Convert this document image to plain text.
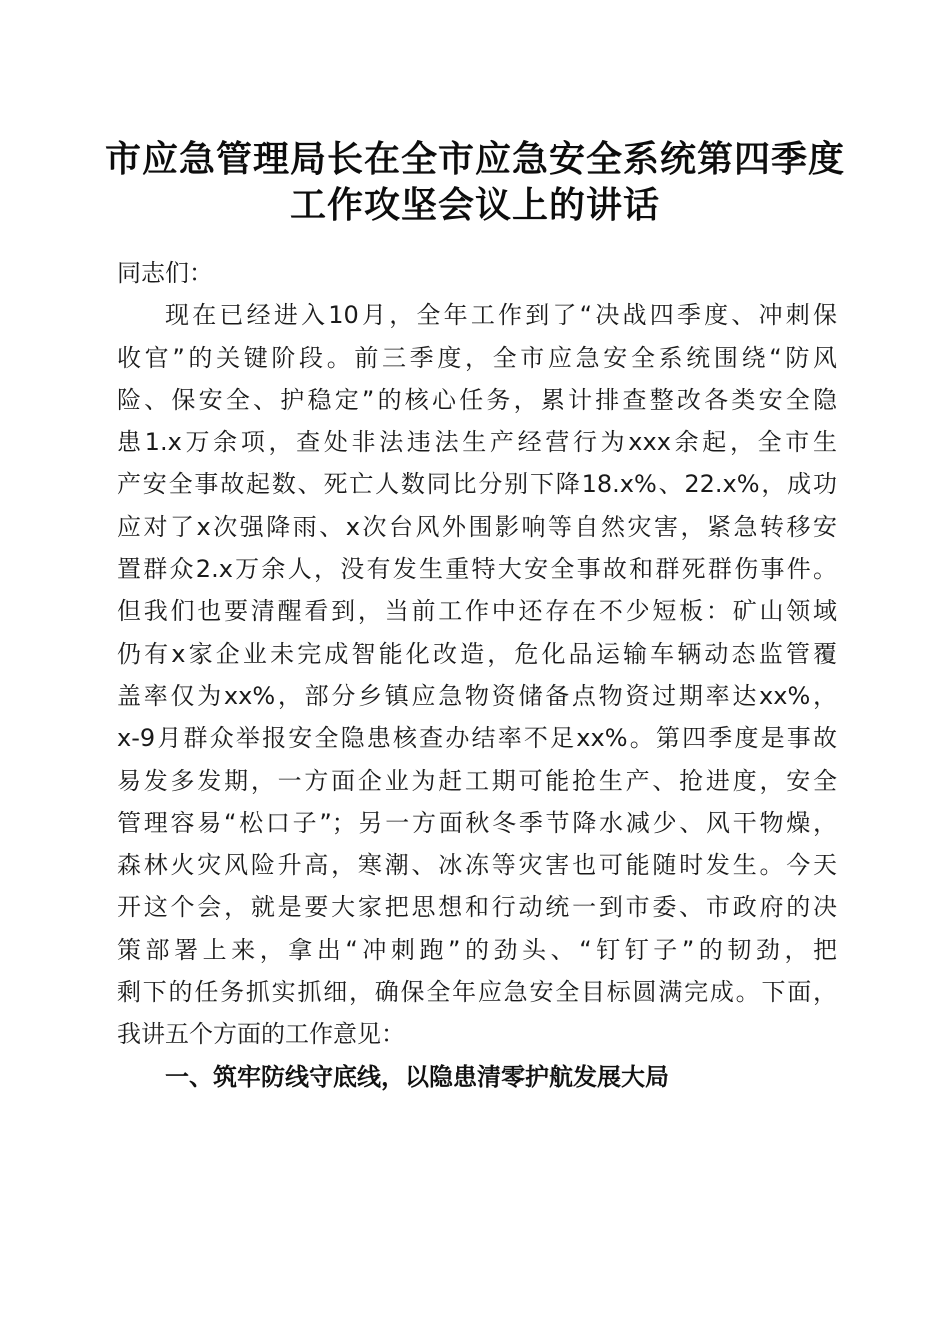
市应急管理局长在全市应急安全系统第四季度
工作攻坚会议上的讲话

同志们：

现在已经进入10月，全年工作到了“决战四季度、冲刺保
收官”的关键阶段。前三季度，全市应急安全系统围绕“防风
险、保安全、护稳定”的核心任务，累计排查整改各类安全隐
患1.x万余项，查处非法违法生产经营行为xxx余起，全市生
产安全事故起数、死亡人数同比分别下降18.x%、22.x%，成功
应对了x次强降雨、x次台风外围影响等自然灾害，紧急转移安
置群众2.x万余人，没有发生重特大安全事故和群死群伤事件。
但我们也要清醒看到，当前工作中还存在不少短板：矿山领域
仍有x家企业未完成智能化改造，危化品运输车辆动态监管覆
盖率仅为xx%，部分乡镇应急物资储备点物资过期率达xx%，
x-9月群众举报安全隐患核查办结率不足xx%。第四季度是事故
易发多发期，一方面企业为赶工期可能抢生产、抢进度，安全
管理容易“松口子”；另一方面秋冬季节降水减少、风干物燥，
森林火灾风险升高，寒潮、冰冻等灾害也可能随时发生。今天
开这个会，就是要大家把思想和行动统一到市委、市政府的决
策部署上来，拿出“冲刺跑”的劲头、“钉钉子”的韧劲，把
剩下的任务抓实抓细，确保全年应急安全目标圆满完成。下面，
我讲五个方面的工作意见：

一、筑牢防线守底线，以隐患清零护航发展大局
